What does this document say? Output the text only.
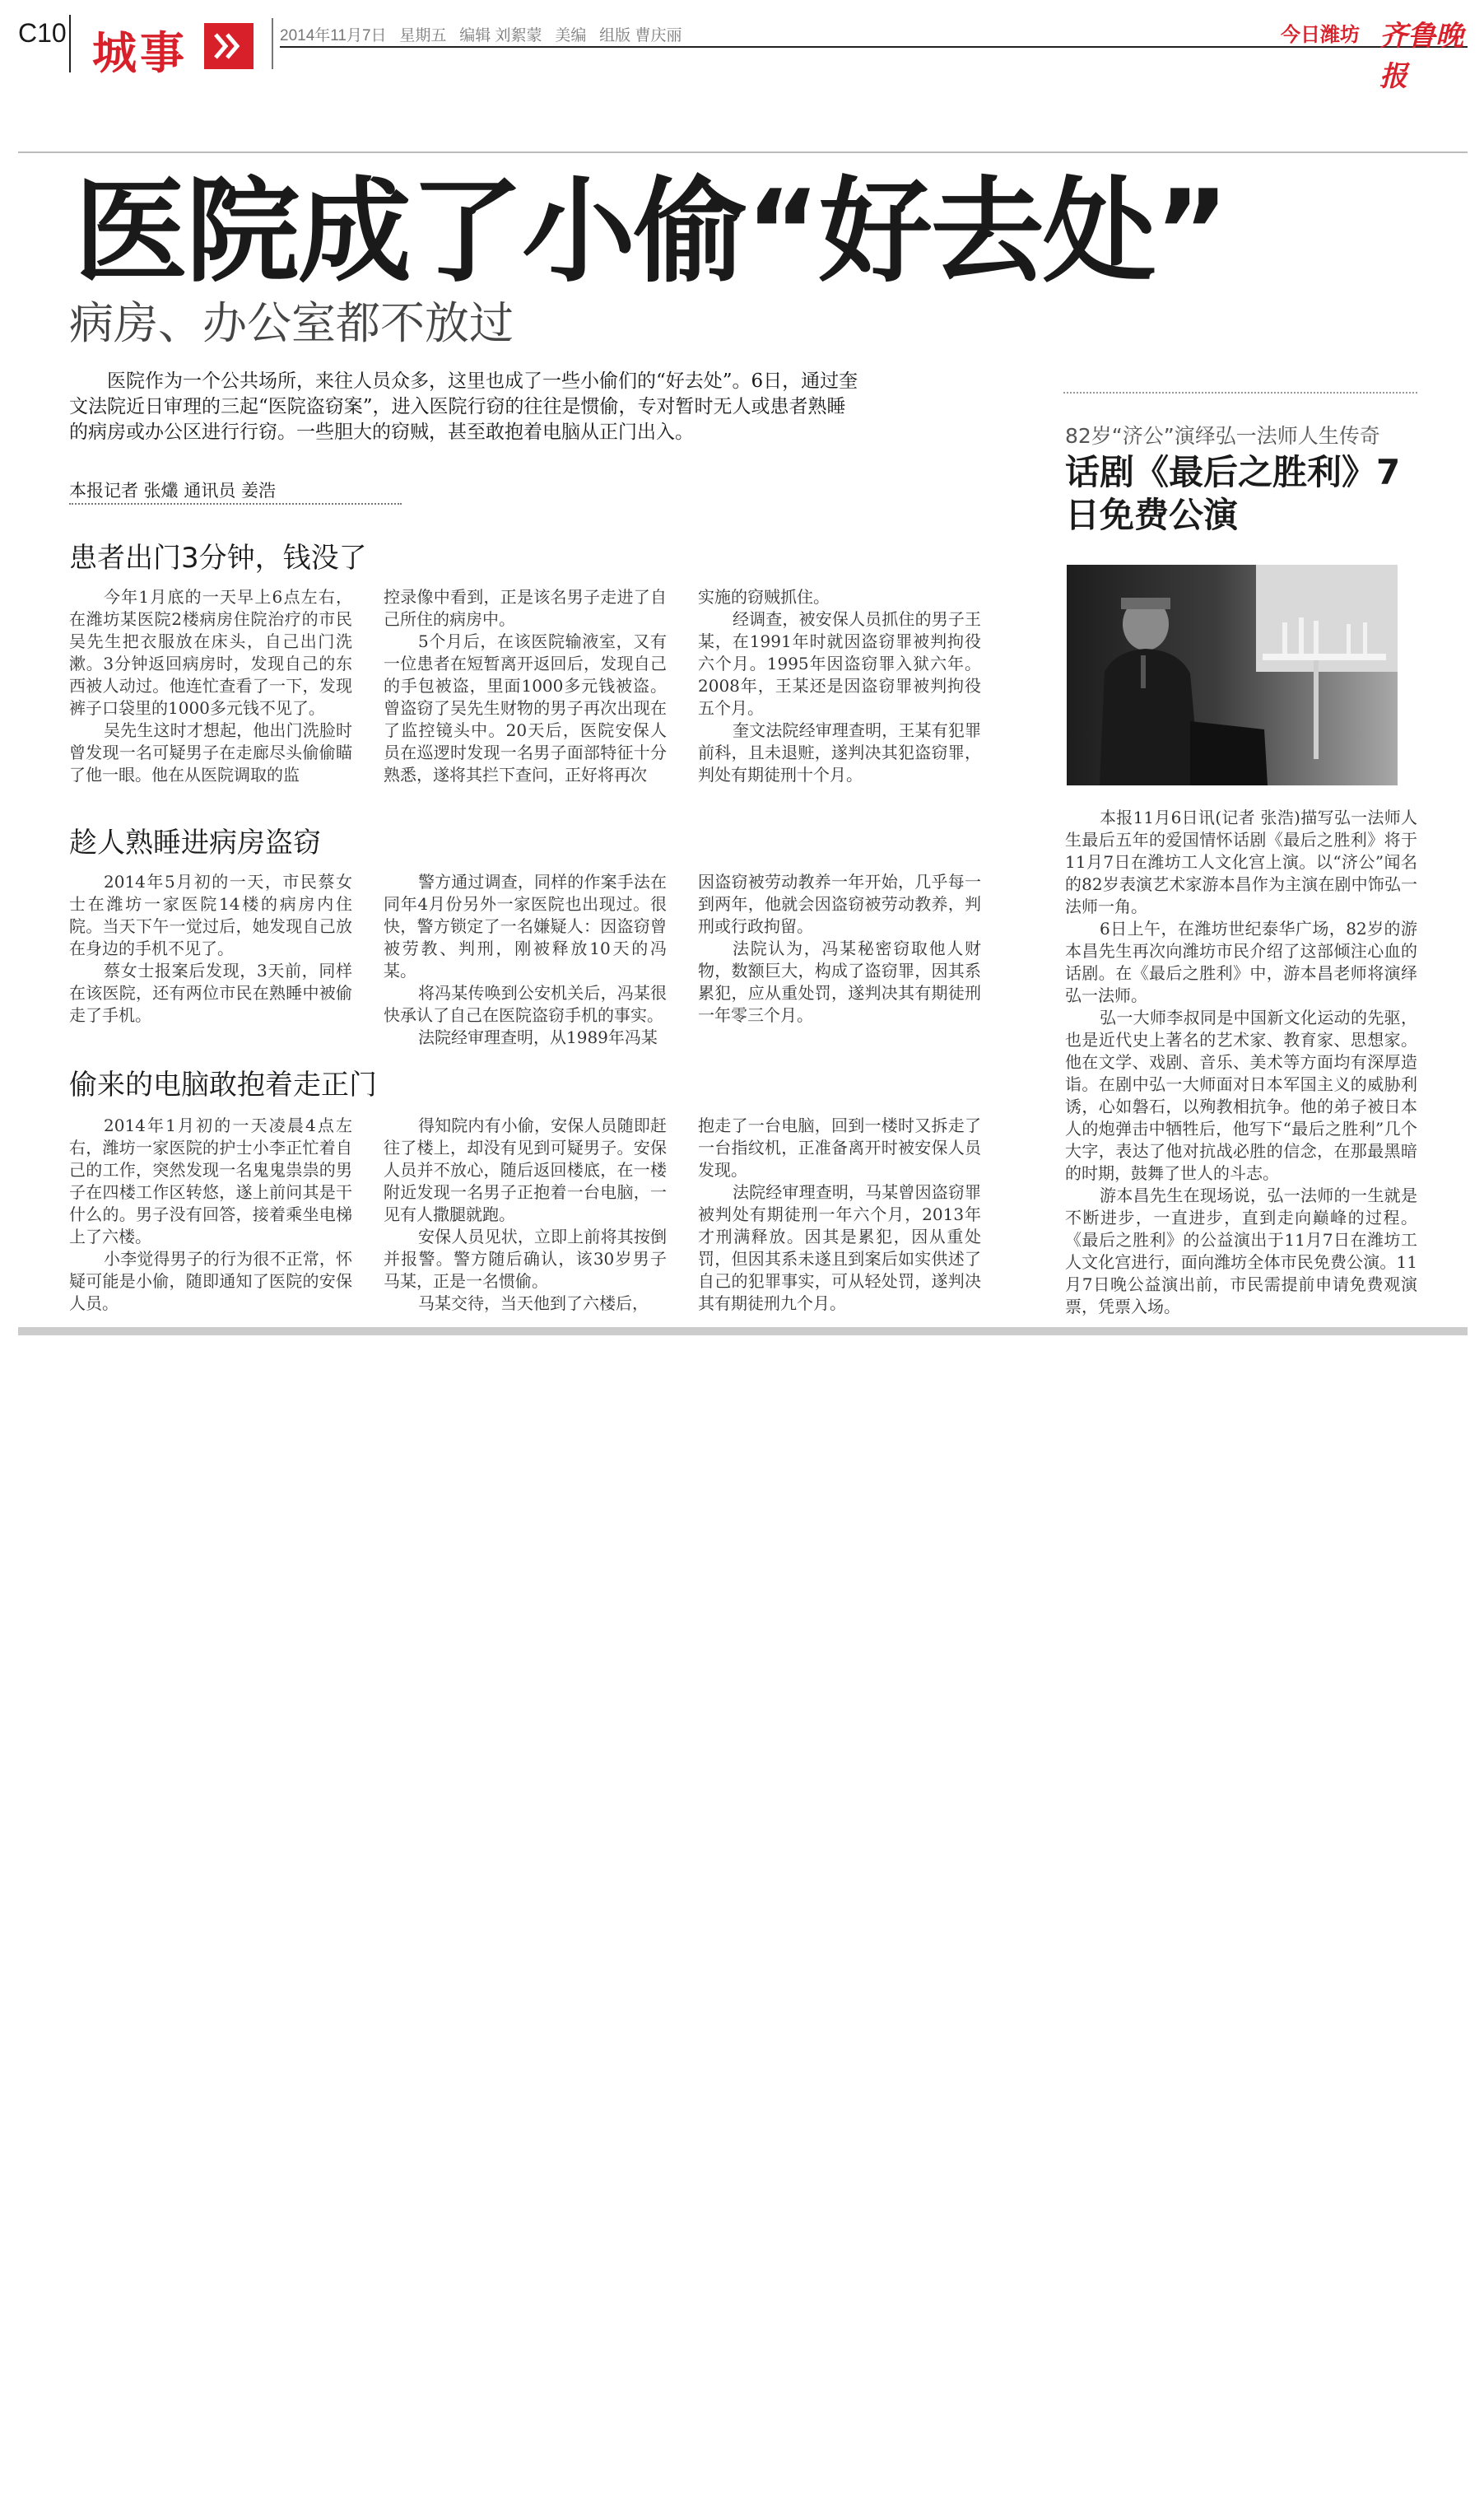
C10 城事	2014年11月7日   星期五   编辑 刘絮蒙   美编   组版 曹庆丽	今日潍坊 齐鲁晚报
医院成了小偷“好去处”
病房、办公室都不放过
医院作为一个公共场所，来往人员众多，这里也成了一些小偷们的“好去处”。6日，通过奎文法院近日审理的三起“医院盗窃案”，进入医院行窃的往往是惯偷，专对暂时无人或患者熟睡的病房或办公区进行行窃。一些胆大的窃贼，甚至敢抱着电脑从正门出入。
本报记者 张爜 通讯员 姜浩
患者出门3分钟，钱没了

今年1月底的一天早上6点左右，在潍坊某医院2楼病房住院治疗的市民吴先生把衣服放在床头，自己出门洗漱。3分钟返回病房时，发现自己的东西被人动过。他连忙查看了一下，发现裤子口袋里的1000多元钱不见了。

吴先生这时才想起，他出门洗脸时曾发现一名可疑男子在走廊尽头偷偷瞄了他一眼。他在从医院调取的监

控录像中看到，正是该名男子走进了自己所住的病房中。

5个月后，在该医院输液室，又有一位患者在短暂离开返回后，发现自己的手包被盗，里面1000多元钱被盗。曾盗窃了吴先生财物的男子再次出现在了监控镜头中。20天后，医院安保人员在巡逻时发现一名男子面部特征十分熟悉，遂将其拦下查问，正好将再次

实施的窃贼抓住。

经调查，被安保人员抓住的男子王某，在1991年时就因盗窃罪被判拘役六个月。1995年因盗窃罪入狱六年。2008年，王某还是因盗窃罪被判拘役五个月。

奎文法院经审理查明，王某有犯罪前科，且未退赃，遂判决其犯盗窃罪，判处有期徒刑十个月。

趁人熟睡进病房盗窃

2014年5月初的一天，市民蔡女士在潍坊一家医院14楼的病房内住院。当天下午一觉过后，她发现自己放在身边的手机不见了。

蔡女士报案后发现，3天前，同样在该医院，还有两位市民在熟睡中被偷走了手机。

警方通过调查，同样的作案手法在同年4月份另外一家医院也出现过。很快，警方锁定了一名嫌疑人：因盗窃曾被劳教、判刑，刚被释放10天的冯某。

将冯某传唤到公安机关后，冯某很快承认了自己在医院盗窃手机的事实。

法院经审理查明，从1989年冯某

因盗窃被劳动教养一年开始，几乎每一到两年，他就会因盗窃被劳动教养，判刑或行政拘留。

法院认为，冯某秘密窃取他人财物，数额巨大，构成了盗窃罪，因其系累犯，应从重处罚，遂判决其有期徒刑一年零三个月。

偷来的电脑敢抱着走正门

2014年1月初的一天凌晨4点左右，潍坊一家医院的护士小李正忙着自己的工作，突然发现一名鬼鬼祟祟的男子在四楼工作区转悠，遂上前问其是干什么的。男子没有回答，接着乘坐电梯上了六楼。

小李觉得男子的行为很不正常，怀疑可能是小偷，随即通知了医院的安保人员。

得知院内有小偷，安保人员随即赶往了楼上，却没有见到可疑男子。安保人员并不放心，随后返回楼底，在一楼附近发现一名男子正抱着一台电脑，一见有人撒腿就跑。

安保人员见状，立即上前将其按倒并报警。警方随后确认，该30岁男子马某，正是一名惯偷。

马某交待，当天他到了六楼后，

抱走了一台电脑，回到一楼时又拆走了一台指纹机，正准备离开时被安保人员发现。

法院经审理查明，马某曾因盗窃罪被判处有期徒刑一年六个月，2013年才刑满释放。因其是累犯，因从重处罚，但因其系未遂且到案后如实供述了自己的犯罪事实，可从轻处罚，遂判决其有期徒刑九个月。

82岁“济公”演绎弘一法师人生传奇
话剧《最后之胜利》7日免费公演

本报11月6日讯(记者 张浩)描写弘一法师人生最后五年的爱国情怀话剧《最后之胜利》将于11月7日在潍坊工人文化宫上演。以“济公”闻名的82岁表演艺术家游本昌作为主演在剧中饰弘一法师一角。

6日上午，在潍坊世纪泰华广场，82岁的游本昌先生再次向潍坊市民介绍了这部倾注心血的话剧。在《最后之胜利》中，游本昌老师将演绎弘一法师。

弘一大师李叔同是中国新文化运动的先驱，也是近代史上著名的艺术家、教育家、思想家。他在文学、戏剧、音乐、美术等方面均有深厚造诣。在剧中弘一大师面对日本军国主义的威胁利诱，心如磐石，以殉教相抗争。他的弟子被日本人的炮弹击中牺牲后，他写下“最后之胜利”几个大字，表达了他对抗战必胜的信念，在那最黑暗的时期，鼓舞了世人的斗志。

游本昌先生在现场说，弘一法师的一生就是不断进步，一直进步，直到走向巅峰的过程。《最后之胜利》的公益演出于11月7日在潍坊工人文化宫进行，面向潍坊全体市民免费公演。11月7日晚公益演出前，市民需提前申请免费观演票，凭票入场。
